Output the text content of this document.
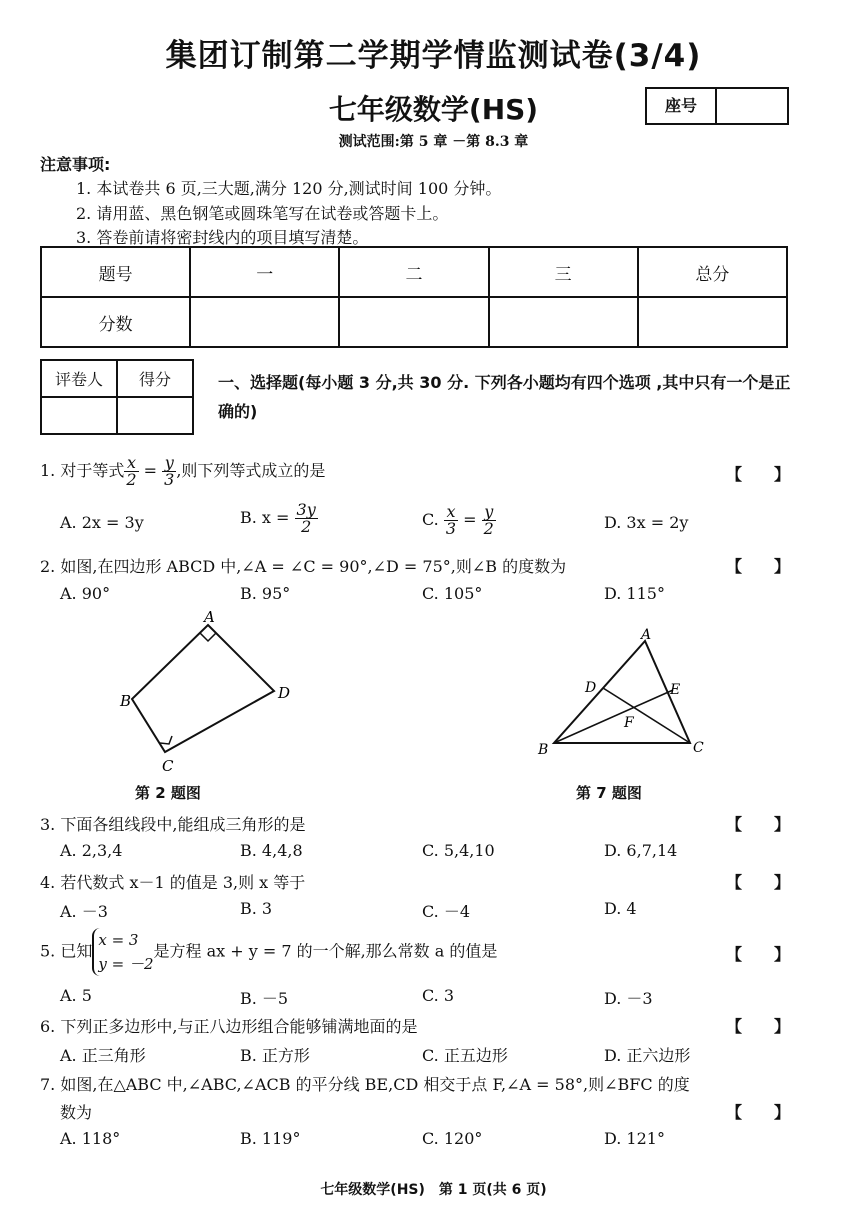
集团订制第二学期学情监测试卷(3/4)
七年级数学(HS)	座号
测试范围:第 5 章 －第 8.3 章
注意事项:
1. 本试卷共 6 页,三大题,满分 120 分,测试时间 100 分钟。
2. 请用蓝、黑色钢笔或圆珠笔写在试卷或答题卡上。
3. 答卷前请将密封线内的项目填写清楚。
题号	一	二	三	总分
分数				
评卷人	得分
		一、选择题(每小题 3 分,共 30 分. 下列各小题均有四个选项 ,其中只有一个是正确的)
1. 对于等式 $\frac{x}{2} = \frac{y}{3}$ ,则下列等式成立的是	【　　】
A. 2x = 3y	B. $x = \frac{3y}{2}$	C. $\frac{x}{3} = \frac{y}{2}$	D. 3x = 2y
2. 如图,在四边形 ABCD 中,∠A = ∠C = 90°,∠D = 75°,则∠B 的度数为	【　　】
A. 90°	B. 95°	C. 105°	D. 115°
A
B
C
D
第 2 题图
A
B	C
D	E
F
第 7 题图
3. 下面各组线段中,能组成三角形的是	【　　】
A. 2,3,4	B. 4,4,8	C. 5,4,10	D. 6,7,14
4. 若代数式 x－1 的值是 3,则 x 等于	【　　】
A. －3	B. 3	C. －4	D. 4
5. 已知
x = 3
y = －2
是方程 ax + y = 7 的一个解,那么常数 a 的值是	【　　】
A. 5	B. －5	C. 3	D. －3
6. 下列正多边形中,与正八边形组合能够铺满地面的是	【　　】
A. 正三角形	B. 正方形	C. 正五边形	D. 正六边形
7. 如图,在△ABC 中,∠ABC,∠ACB 的平分线 BE,CD 相交于点 F,∠A = 58°,则∠BFC 的度
数为	【　　】
A. 118°	B. 119°	C. 120°	D. 121°
七年级数学(HS)　第 1 页(共 6 页)
